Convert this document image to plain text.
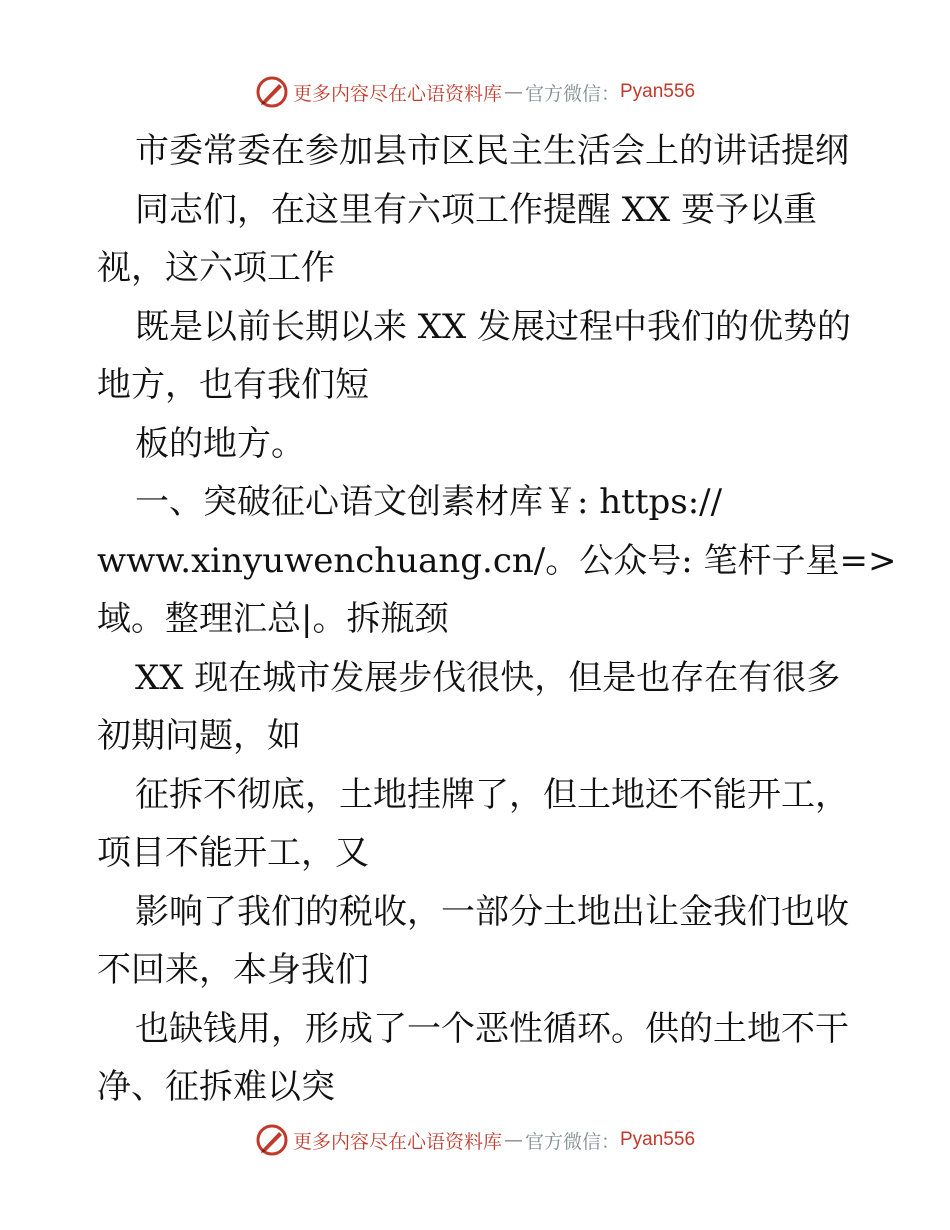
更多内容尽在心语资料库 — 官方微信： Pyan556
市委常委在参加县市区民主生活会上的讲话提纲
同志们，在这里有六项工作提醒 XX 要予以重
视，这六项工作
既是以前长期以来 XX 发展过程中我们的优势的
地方，也有我们短
板的地方。
一、突破征心语文创素材库￥: https://
www.xinyuwenchuang.cn/。公众号: 笔杆子星=>
域。整理汇总|。拆瓶颈
XX 现在城市发展步伐很快，但是也存在有很多
初期问题，如
征拆不彻底，土地挂牌了，但土地还不能开工，
项目不能开工，又
影响了我们的税收，一部分土地出让金我们也收
不回来，本身我们
也缺钱用，形成了一个恶性循环。供的土地不干
净、征拆难以突
更多内容尽在心语资料库 — 官方微信： Pyan556
